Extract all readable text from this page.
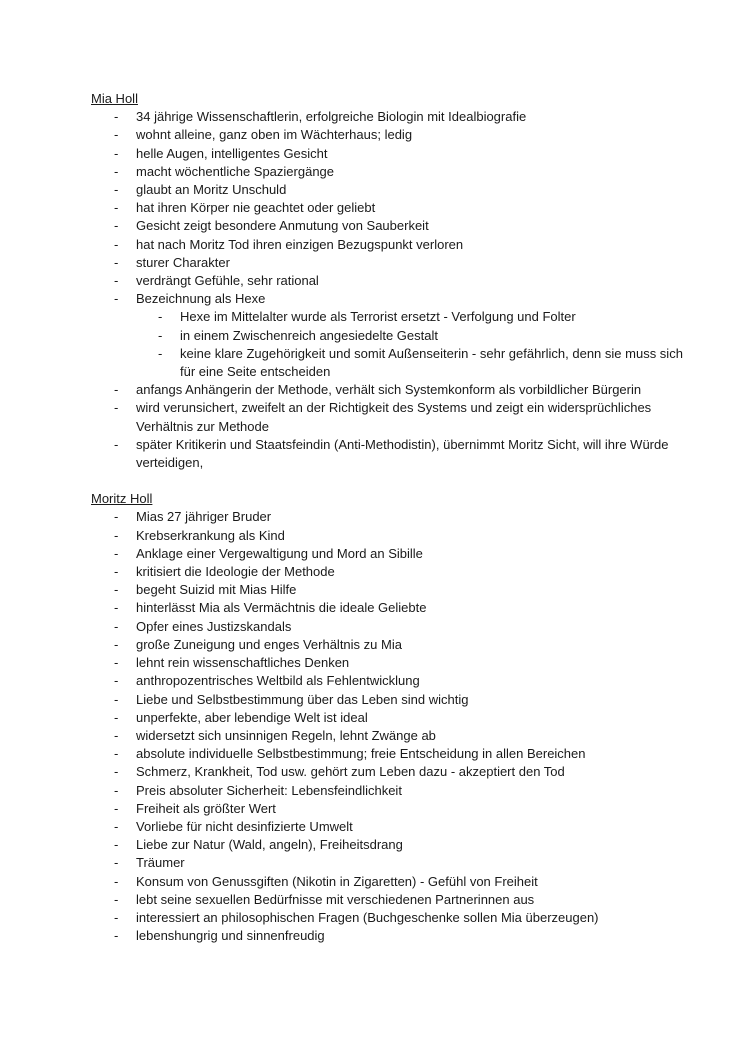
Mia Holl

- 34 jährige Wissenschaftlerin, erfolgreiche Biologin mit Idealbiografie
- wohnt alleine, ganz oben im Wächterhaus; ledig
- helle Augen, intelligentes Gesicht
- macht wöchentliche Spaziergänge
- glaubt an Moritz Unschuld
- hat ihren Körper nie geachtet oder geliebt
- Gesicht zeigt besondere Anmutung von Sauberkeit
- hat nach Moritz Tod ihren einzigen Bezugspunkt verloren
- sturer Charakter
- verdrängt Gefühle, sehr rational
- Bezeichnung als Hexe
- Hexe im Mittelalter wurde als Terrorist ersetzt - Verfolgung und Folter
- in einem Zwischenreich angesiedelte Gestalt
- keine klare Zugehörigkeit und somit Außenseiterin - sehr gefährlich, denn sie muss sich für eine Seite entscheiden
- anfangs Anhängerin der Methode, verhält sich Systemkonform als vorbildlicher Bürgerin
- wird verunsichert, zweifelt an der Richtigkeit des Systems und zeigt ein widersprüchliches Verhältnis zur Methode
- später Kritikerin und Staatsfeindin (Anti-Methodistin), übernimmt Moritz Sicht, will ihre Würde verteidigen,

Moritz Holl

- Mias 27 jähriger Bruder
- Krebserkrankung als Kind
- Anklage einer Vergewaltigung und Mord an Sibille
- kritisiert die Ideologie der Methode
- begeht Suizid mit Mias Hilfe
- hinterlässt Mia als Vermächtnis die ideale Geliebte
- Opfer eines Justizskandals
- große Zuneigung und enges Verhältnis zu Mia
- lehnt rein wissenschaftliches Denken
- anthropozentrisches Weltbild als Fehlentwicklung
- Liebe und Selbstbestimmung über das Leben sind wichtig
- unperfekte, aber lebendige Welt ist ideal
- widersetzt sich unsinnigen Regeln, lehnt Zwänge ab
- absolute individuelle Selbstbestimmung; freie Entscheidung in allen Bereichen
- Schmerz, Krankheit, Tod usw. gehört zum Leben dazu - akzeptiert den Tod
- Preis absoluter Sicherheit: Lebensfeindlichkeit
- Freiheit als größter Wert
- Vorliebe für nicht desinfizierte Umwelt
- Liebe zur Natur (Wald, angeln), Freiheitsdrang
- Träumer
- Konsum von Genussgiften (Nikotin in Zigaretten) - Gefühl von Freiheit
- lebt seine sexuellen Bedürfnisse mit verschiedenen Partnerinnen aus
- interessiert an philosophischen Fragen (Buchgeschenke sollen Mia überzeugen)
- lebenshungrig und sinnenfreudig
